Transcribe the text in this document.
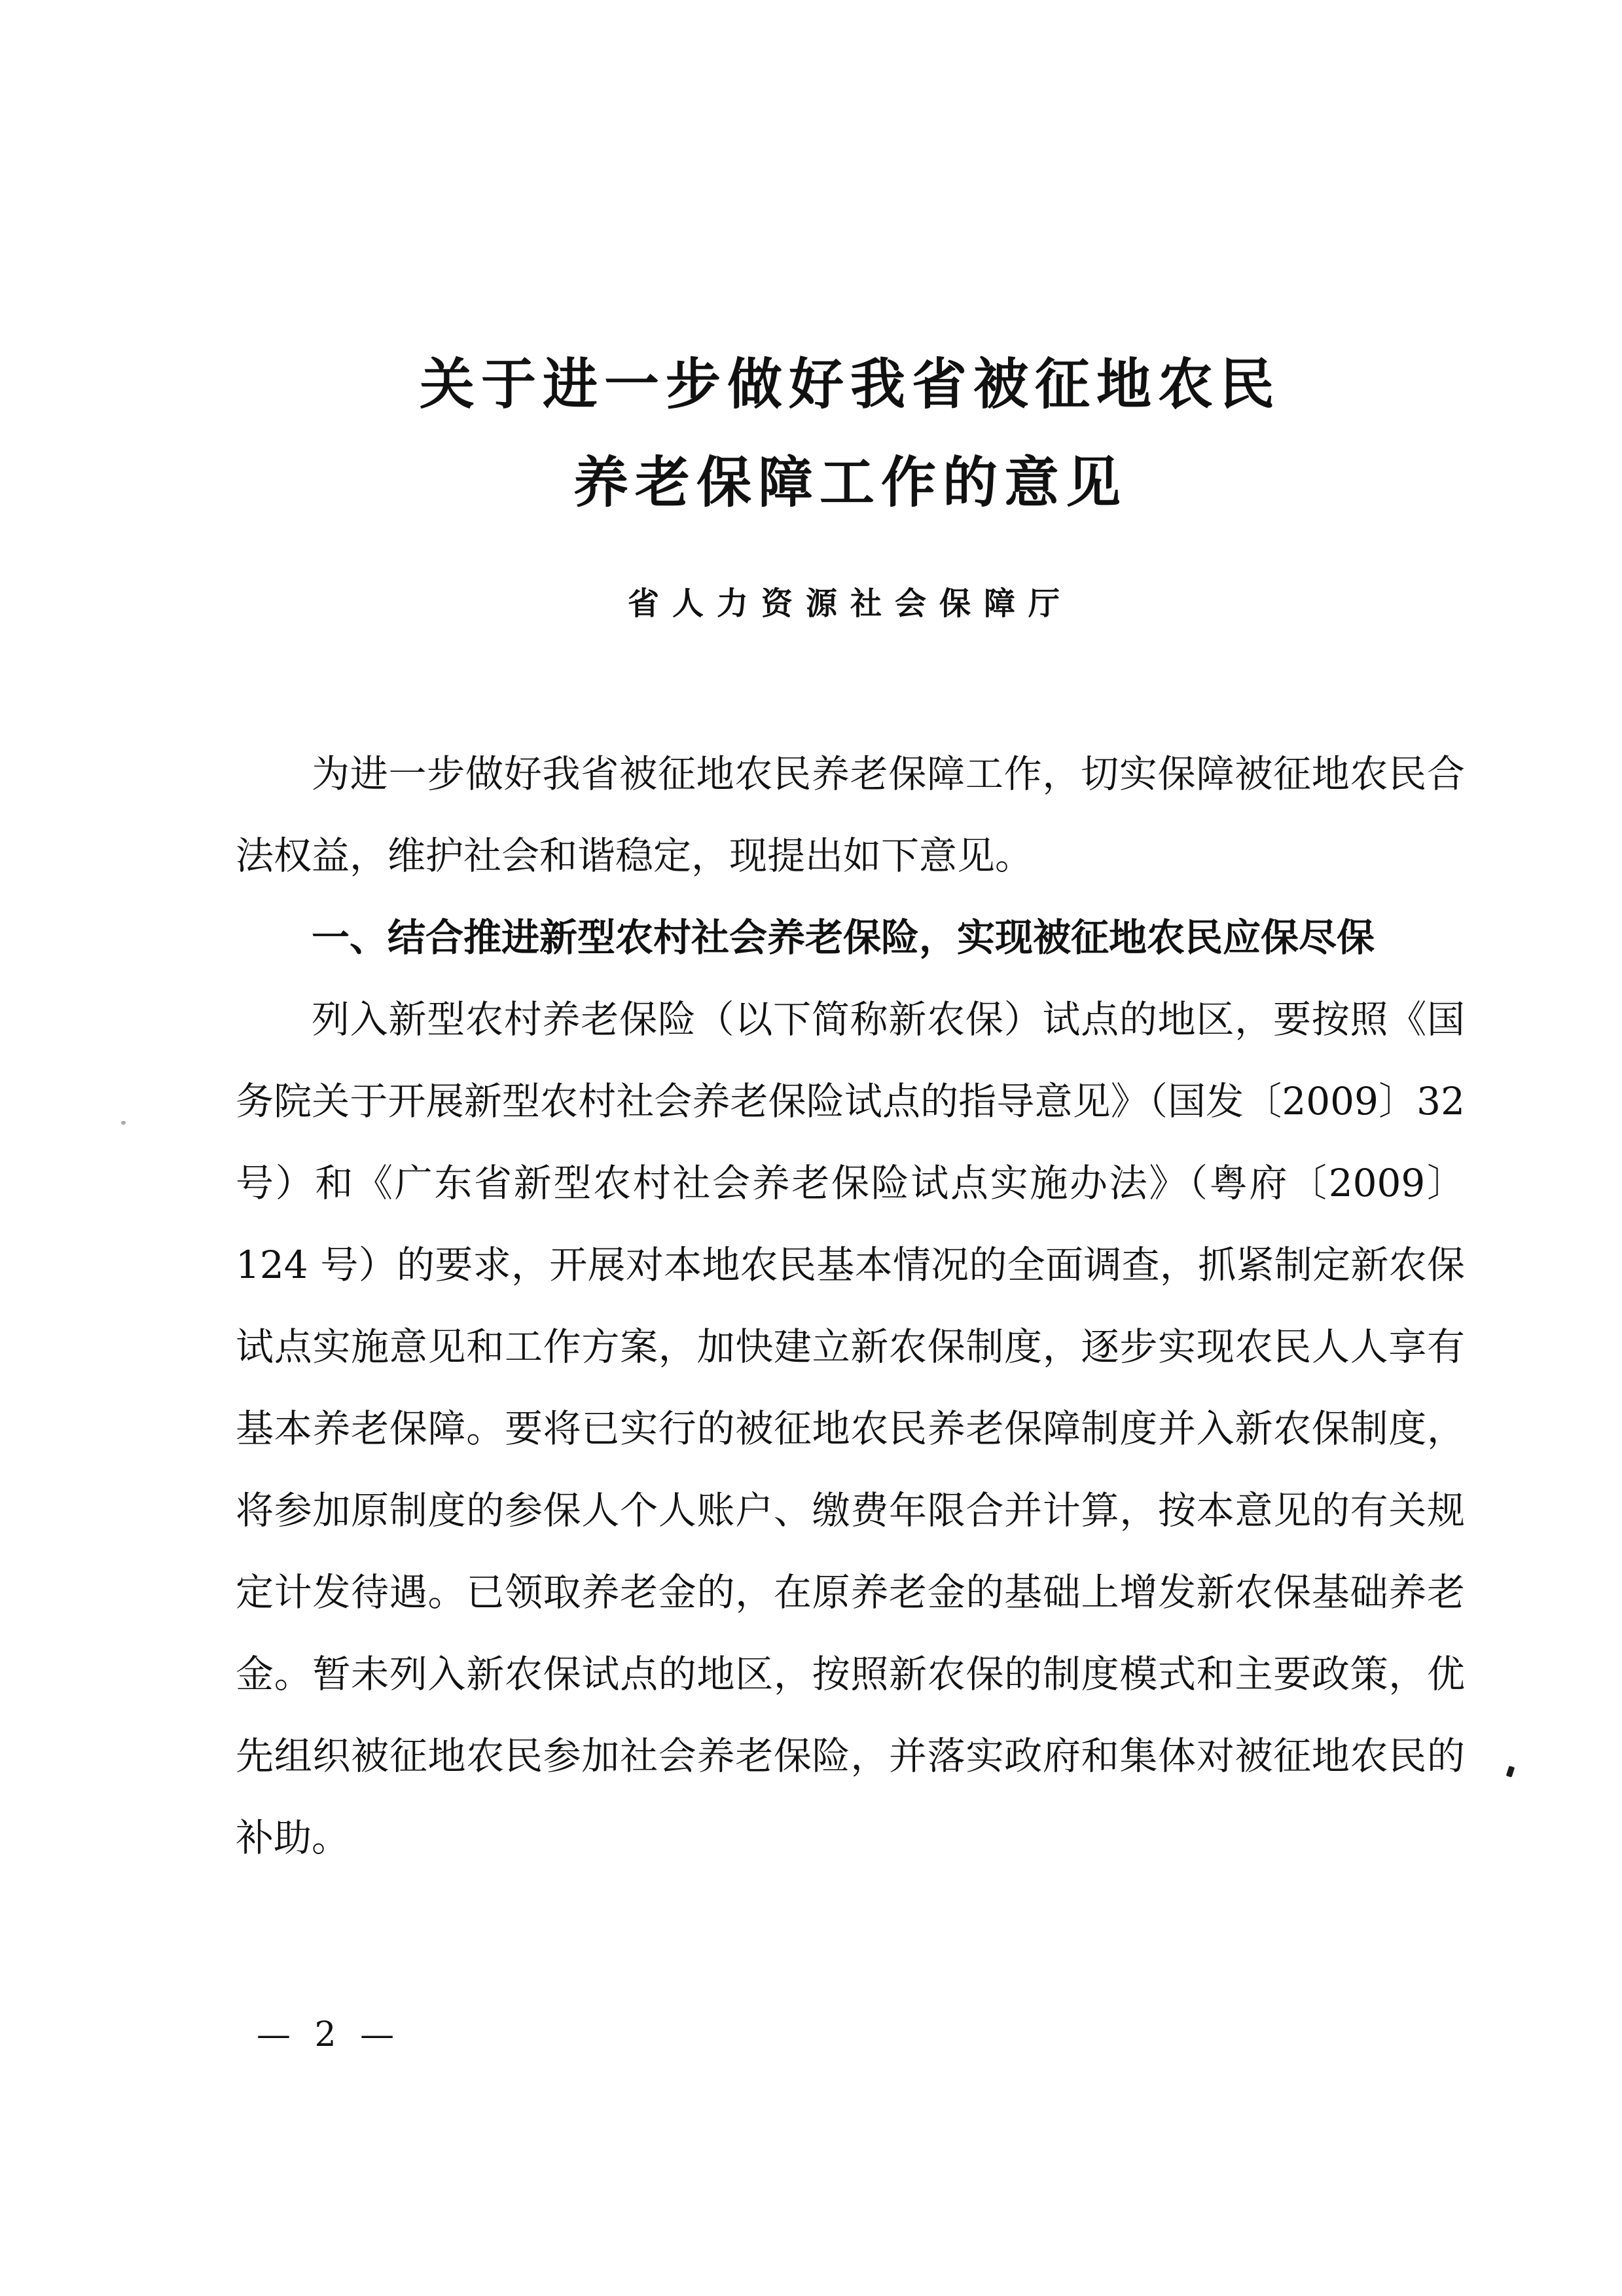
关于进一步做好我省被征地农民
养老保障工作的意见
省人力资源社会保障厅

为进一步做好我省被征地农民养老保障工作，切实保障被征地农民合法权益，维护社会和谐稳定，现提出如下意见。

一、结合推进新型农村社会养老保险，实现被征地农民应保尽保

列入新型农村养老保险（以下简称新农保）试点的地区，要按照《国务院关于开展新型农村社会养老保险试点的指导意见》（国发〔2009〕32 号）和《广东省新型农村社会养老保险试点实施办法》（粤府〔2009〕124 号）的要求，开展对本地农民基本情况的全面调查，抓紧制定新农保试点实施意见和工作方案，加快建立新农保制度，逐步实现农民人人享有基本养老保障。要将已实行的被征地农民养老保障制度并入新农保制度，将参加原制度的参保人个人账户、缴费年限合并计算，按本意见的有关规定计发待遇。已领取养老金的，在原养老金的基础上增发新农保基础养老金。暂未列入新农保试点的地区，按照新农保的制度模式和主要政策，优先组织被征地农民参加社会养老保险，并落实政府和集体对被征地农民的补助。

— 2 —
